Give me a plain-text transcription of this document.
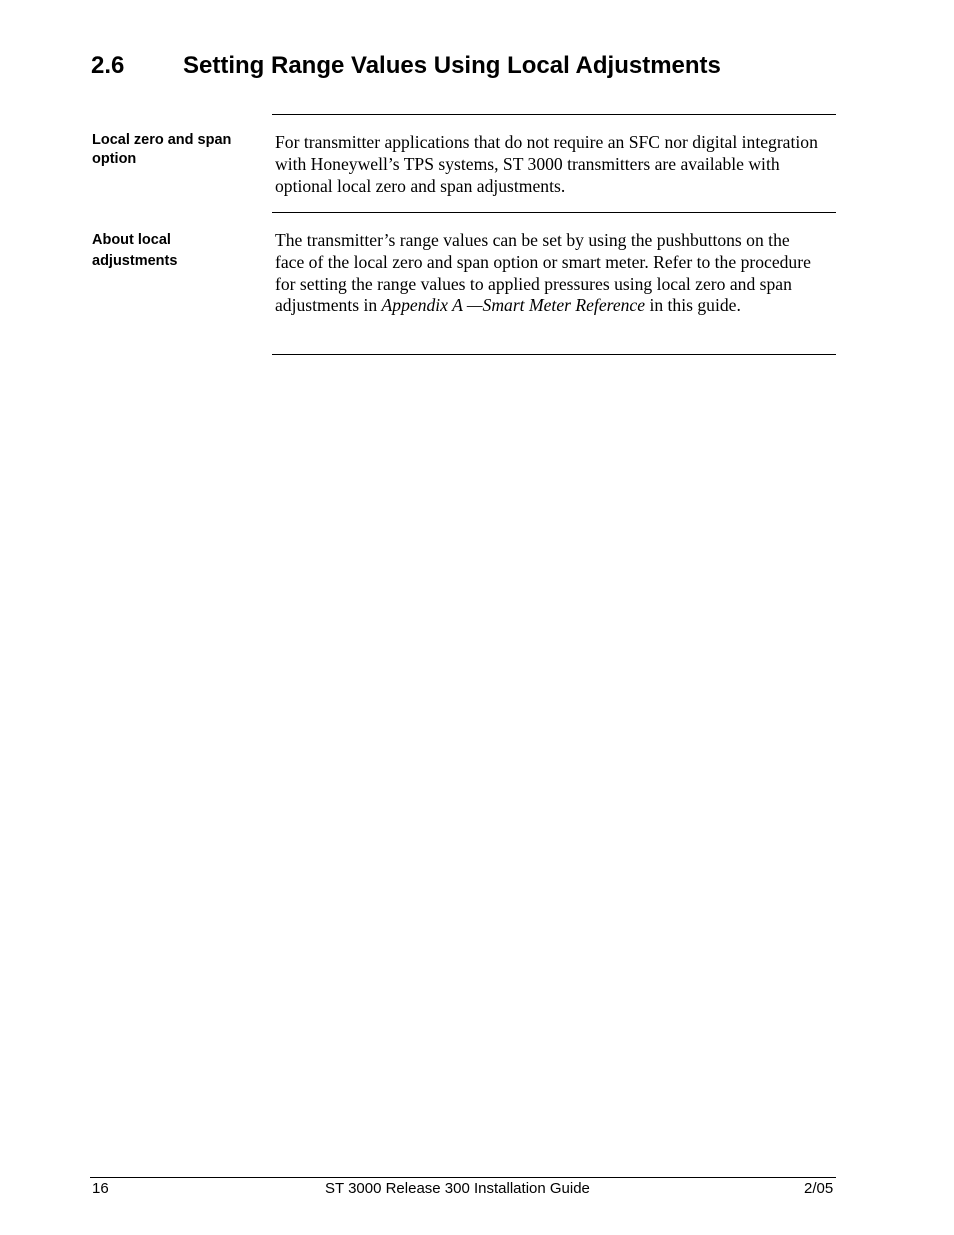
2.6 Setting Range Values Using Local Adjustments
Local zero and span
option
For transmitter applications that do not require an SFC nor digital integration with Honeywell’s TPS systems, ST 3000 transmitters are available with optional local zero and span adjustments.
About local
adjustments
The transmitter’s range values can be set by using the pushbuttons on the face of the local zero and span option or smart meter. Refer to the procedure for setting the range values to applied pressures using local zero and span adjustments in Appendix A —Smart Meter Reference in this guide.
16	ST 3000 Release 300 Installation Guide	2/05
